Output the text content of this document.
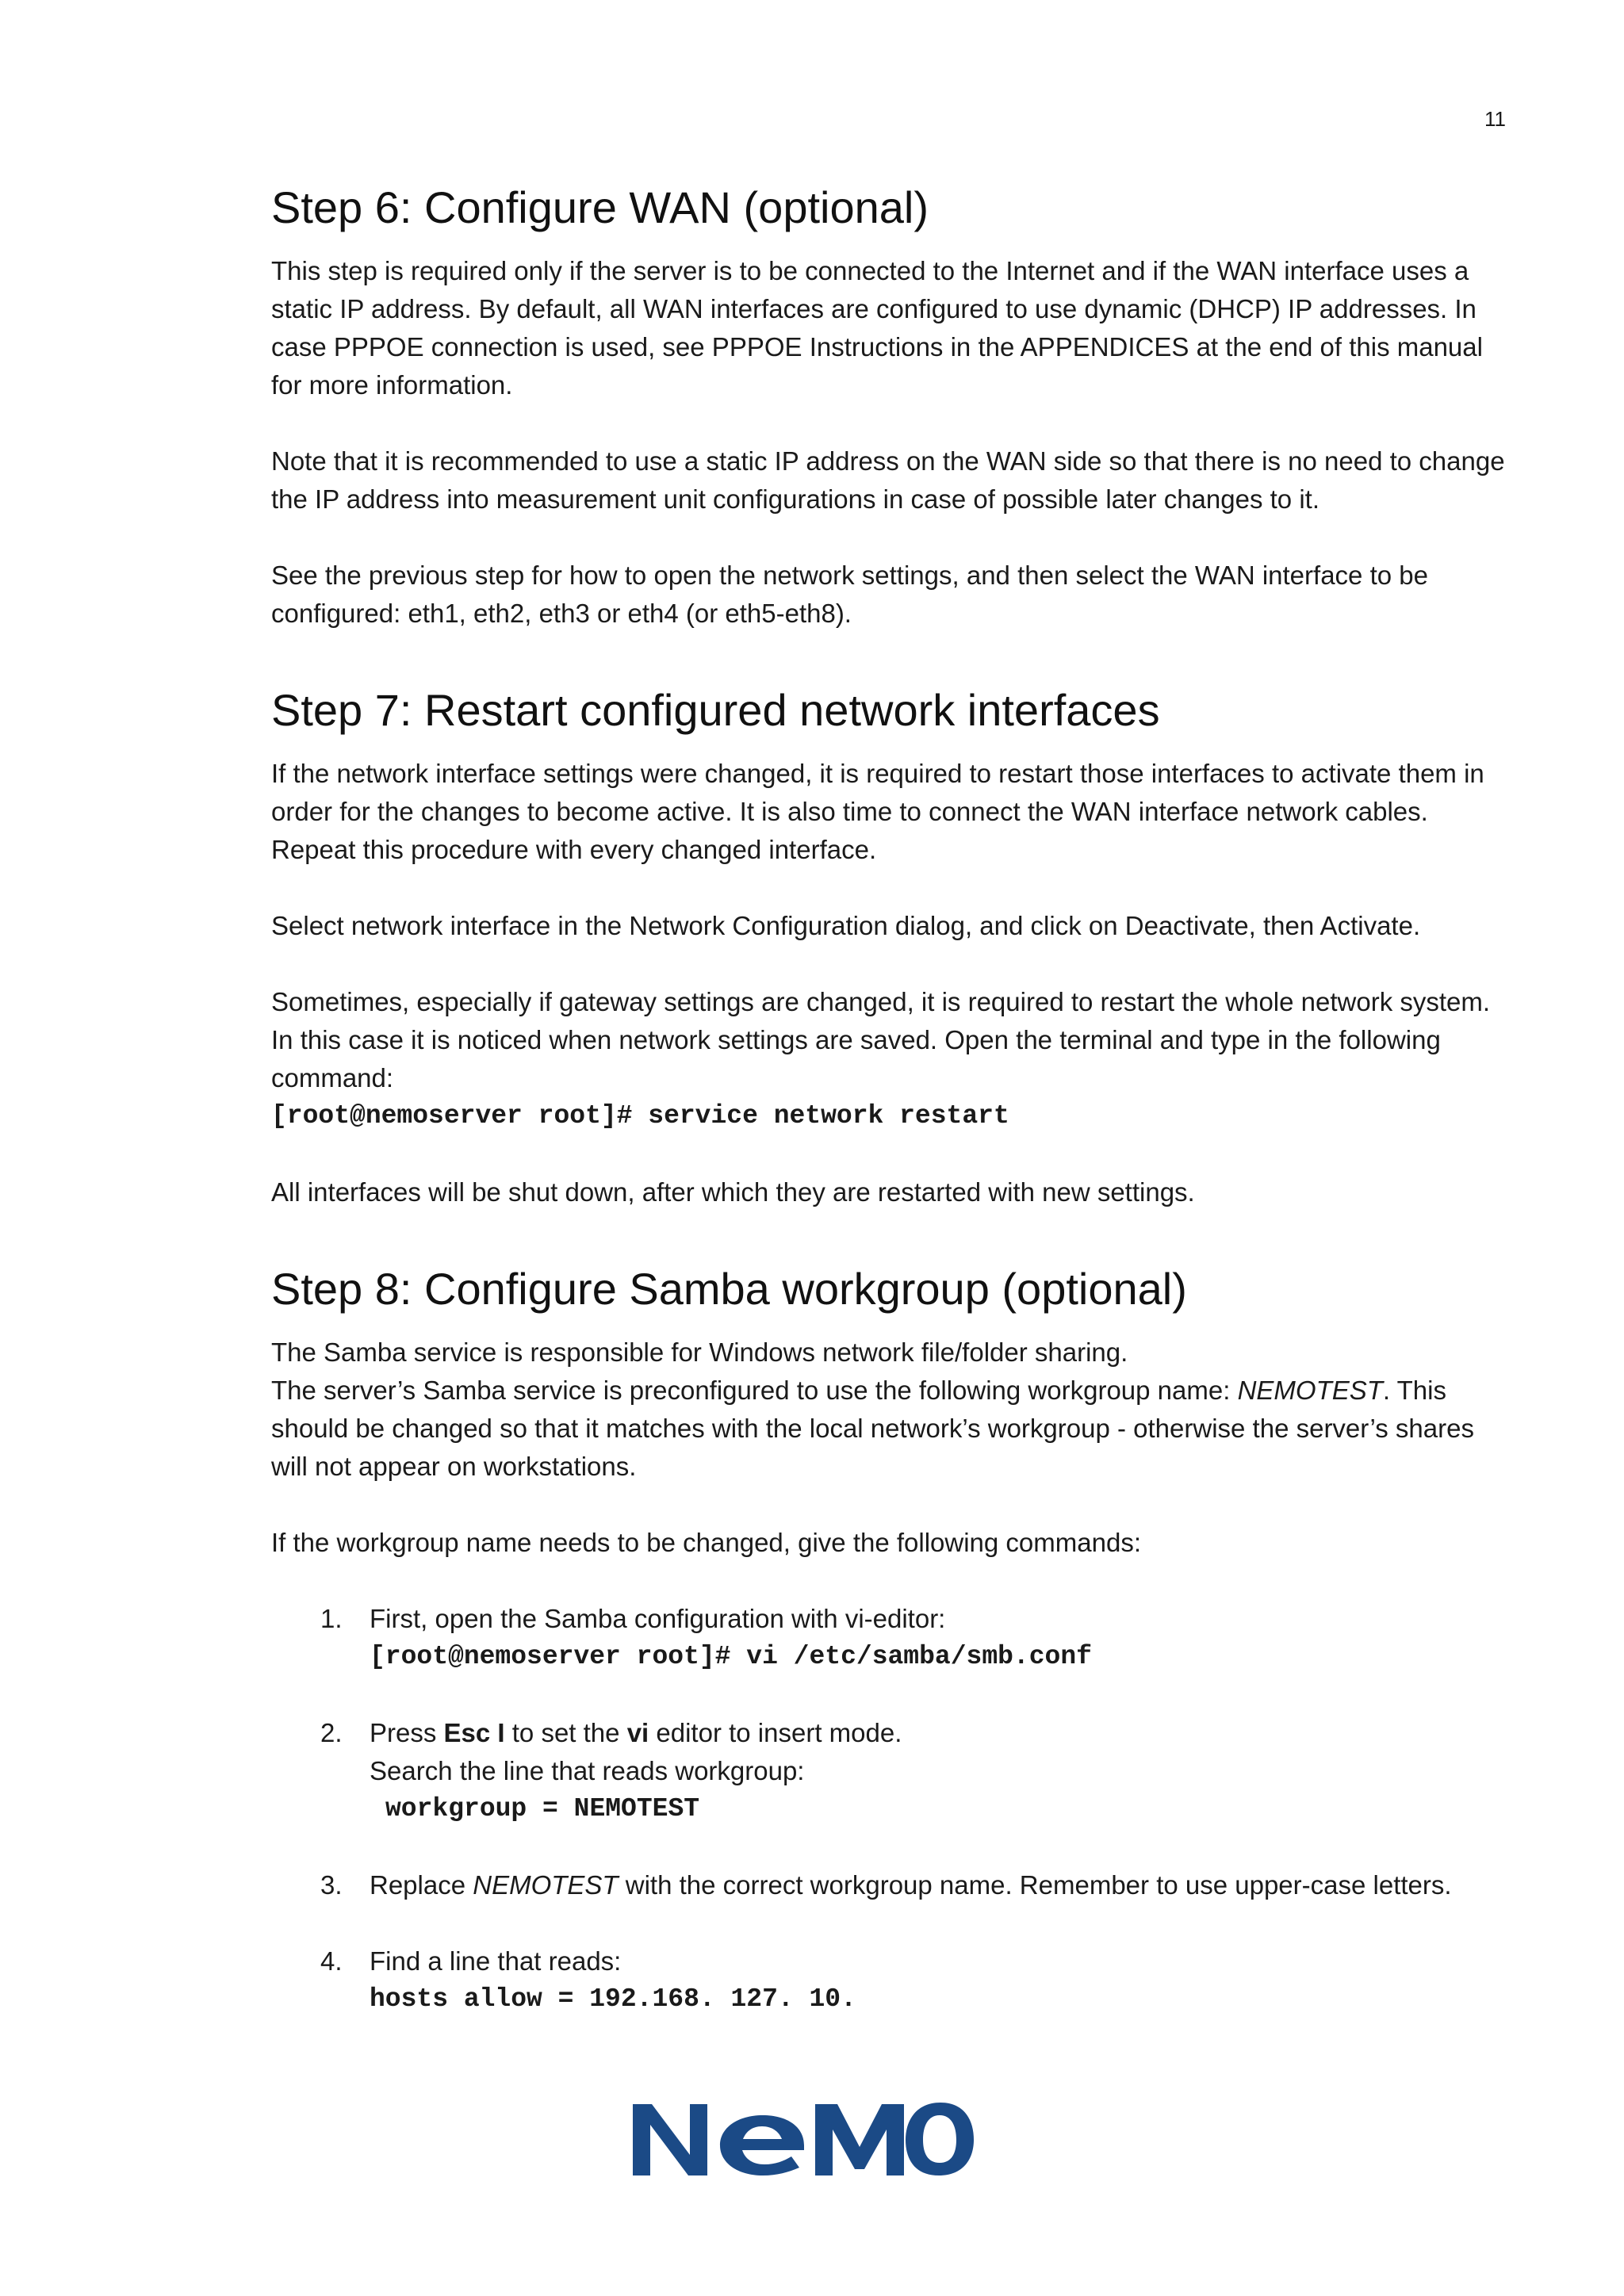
11
Step 6: Configure WAN (optional)

This step is required only if the server is to be connected to the Internet and if the WAN interface uses a static IP address. By default, all WAN interfaces are configured to use dynamic (DHCP) IP addresses. In case PPPOE connection is used, see PPPOE Instructions in the APPENDICES at the end of this manual for more information.

Note that it is recommended to use a static IP address on the WAN side so that there is no need to change the IP address into measurement unit configurations in case of possible later changes to it.

See the previous step for how to open the network settings, and then select the WAN interface to be configured: eth1, eth2, eth3 or eth4 (or eth5-eth8).

Step 7: Restart configured network interfaces

If the network interface settings were changed, it is required to restart those interfaces to activate them in order for the changes to become active. It is also time to connect the WAN interface network cables. Repeat this procedure with every changed interface.

Select network interface in the Network Configuration dialog, and click on Deactivate, then Activate.

Sometimes, especially if gateway settings are changed, it is required to restart the whole network system. In this case it is noticed when network settings are saved. Open the terminal and type in the following command:

[root@nemoserver root]# service network restart

All interfaces will be shut down, after which they are restarted with new settings.

Step 8: Configure Samba workgroup (optional)

The Samba service is responsible for Windows network file/folder sharing.
The server’s Samba service is preconfigured to use the following workgroup name: NEMOTEST. This should be changed so that it matches with the local network’s workgroup - otherwise the server’s shares will not appear on workstations.

If the workgroup name needs to be changed, give the following commands:

1.	First, open the Samba configuration with vi-editor:

[root@nemoserver root]# vi /etc/samba/smb.conf
2.	Press Esc I to set the vi editor to insert mode.

Search the line that reads workgroup:

workgroup = NEMOTEST
3.	Replace NEMOTEST with the correct workgroup name. Remember to use upper-case letters.

4.	Find a line that reads:

hosts allow = 192.168. 127. 10.
